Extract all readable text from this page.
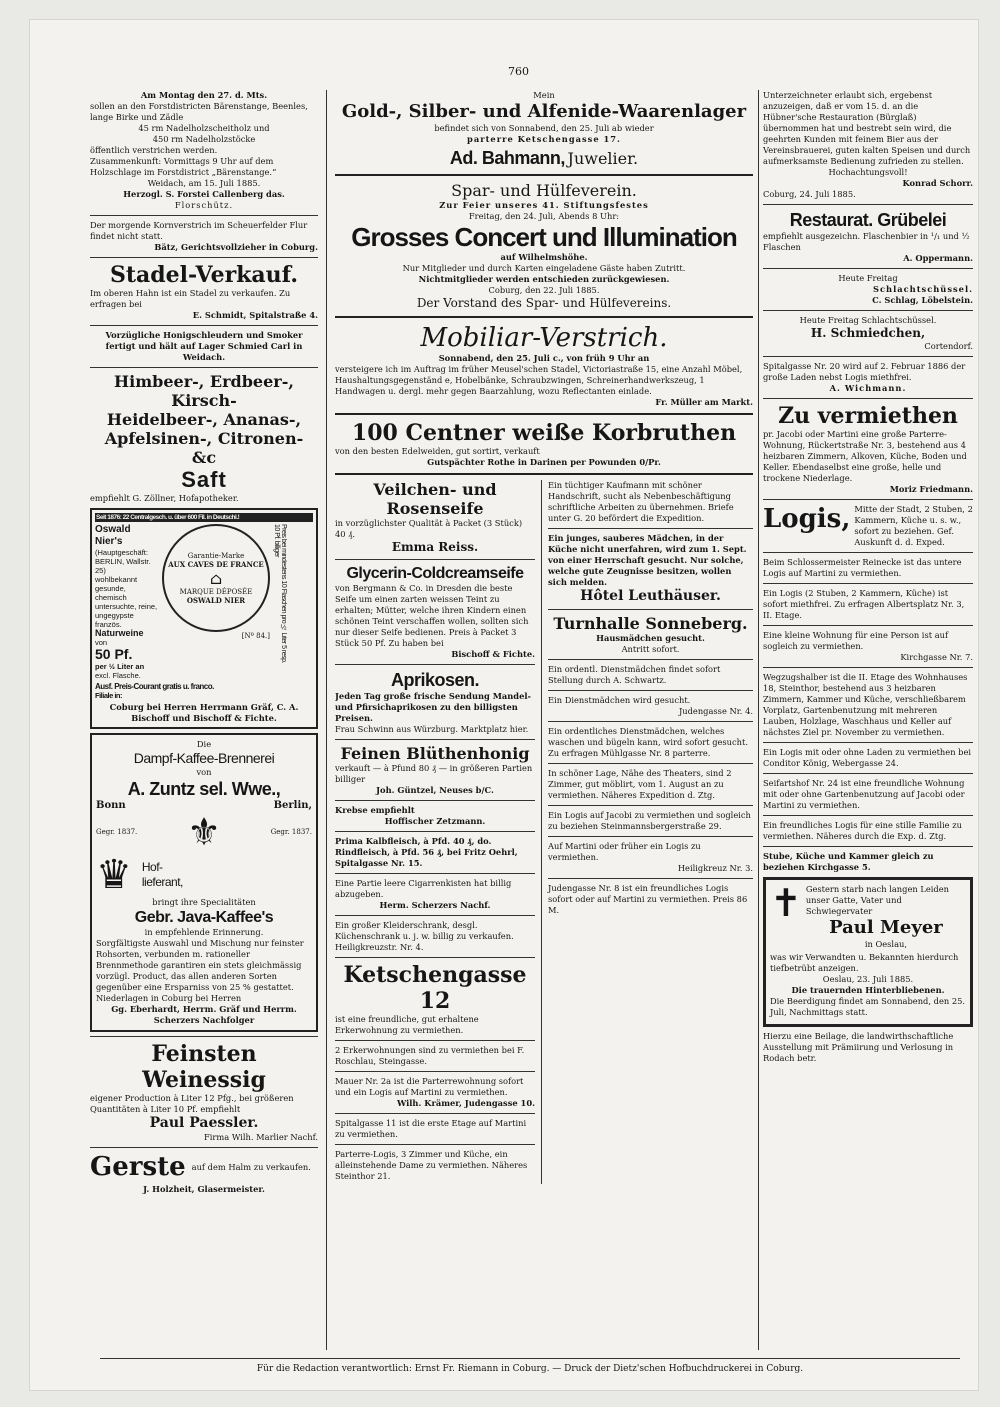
760

Am Montag den 27. d. Mts.

sollen an den Forstdistricten Bärenstange, Beenles, lange Birke und Zädle

45 rm Nadelholzscheitholz und

450 rm Nadelholzstöcke

öffentlich verstrichen werden.

Zusammenkunft: Vormittags 9 Uhr auf dem Holzschlage im Forstdistrict „Bärenstange.“

Weidach, am 15. Juli 1885.

Herzogl. S. Forstei Callenberg das.

Florschütz.

Der morgende Kornverstrich im Scheuerfelder Flur findet nicht statt.

Bätz, Gerichtsvollzieher in Coburg.

Stadel-Verkauf.

Im oberen Hahn ist ein Stadel zu verkaufen. Zu erfragen bei

E. Schmidt, Spitalstraße 4.

Vorzügliche Honigschleudern und Smoker fertigt und hält auf Lager Schmied Carl in Weidach.

Himbeer-, Erdbeer-, Kirsch-

Heidelbeer-, Ananas-,

Apfelsinen-, Citronen- &c

Saft

empfiehlt G. Zöllner, Hofapotheker.

Seit 1876: 22 Centralgesch. u. über 600 Fil. in Deutschl.!

Oswald Nier's
(Hauptgeschäft: BERLIN, Wallstr. 25)
wohlbekannt gesunde, chemisch untersuchte, reine, ungegypste französ.
Naturweine
von
50 Pf.
per ½ Liter an
excl. Flasche.
Garantie-Marke
AUX CAVES DE FRANCE
⌂
MARQUE DÉPOSÉE
OSWALD NIER
[Nº 84.]	Preis bei mindestens 10 Flaschen pro ½ Liter 5 resp. 10 Pf. billiger

Ausf. Preis-Courant gratis u. franco.

Filiale in:

Coburg bei Herren Herrmann Gräf, C. A. Bischoff und Bischoff & Fichte.

Die

Dampf-Kaffee-Brennerei

von

A. Zuntz sel. Wwe.,

Bonn	Berlin,
Gegr. 1837. ⚜	Gegr. 1837.
♛ Hof-
lieferant,

bringt ihre Specialitäten

Gebr. Java-Kaffee's

in empfehlende Erinnerung.

Sorgfältigste Auswahl und Mischung nur feinster Rohsorten, verbunden m. rationeller Brennmethode garantiren ein stets gleichmässig vorzügl. Product, das allen anderen Sorten gegenüber eine Ersparniss von 25 % gestattet. Niederlagen in Coburg bei Herren

Gg. Eberhardt, Herrm. Gräf und Herrm. Scherzers Nachfolger

Feinsten Weinessig

eigener Production à Liter 12 Pfg., bei größeren Quantitäten à Liter 10 Pf. empfiehlt

Paul Paessler.

Firma Wilh. Marlier Nachf.

Gerste auf dem Halm zu verkaufen.

J. Holzheit, Glasermeister.

Mein

Gold-, Silber- und Alfenide-Waarenlager

befindet sich von Sonnabend, den 25. Juli ab wieder

parterre Ketschengasse 17.

Ad. Bahmann, Juwelier.

Spar- und Hülfeverein.

Zur Feier unseres 41. Stiftungsfestes

Freitag, den 24. Juli, Abends 8 Uhr:

Grosses Concert und Illumination

auf Wilhelmshöhe.

Nur Mitglieder und durch Karten eingeladene Gäste haben Zutritt.

Nichtmitglieder werden entschieden zurückgewiesen.

Coburg, den 22. Juli 1885.

Der Vorstand des Spar- und Hülfevereins.

Mobiliar-Verstrich.

Sonnabend, den 25. Juli c., von früh 9 Uhr an

versteigere ich im Auftrag im früher Meusel'schen Stadel, Victoriastraße 15, eine Anzahl Möbel, Haushaltungsgegenständ e, Hobelbänke, Schraubzwingen, Schreinerhandwerkszeug, 1 Handwagen u. dergl. mehr gegen Baarzahlung, wozu Reflectanten einlade.

Fr. Müller am Markt.

100 Centner weiße Korbruthen

von den besten Edelweiden, gut sortirt, verkauft

Gutspächter Rothe in Darinen per Powunden 0/Pr.

Veilchen- und Rosenseife

in vorzüglichster Qualität à Packet (3 Stück) 40 ₰.

Emma Reiss.

Glycerin-Coldcreamseife

von Bergmann & Co. in Dresden die beste Seife um einen zarten weissen Teint zu erhalten; Mütter, welche ihren Kindern einen schönen Teint verschaffen wollen, sollten sich nur dieser Seife bedienen. Preis à Packet 3 Stück 50 Pf. Zu haben bei

Bischoff & Fichte.

Aprikosen.

Jeden Tag große frische Sendung Mandel- und Pfirsichaprikosen zu den billigsten Preisen.

Frau Schwinn aus Würzburg. Marktplatz hier.

Feinen Blüthenhonig

verkauft — à Pfund 80 ₰ — in größeren Partien billiger

Joh. Güntzel, Neuses b/C.

Krebse empfiehlt

Hoffischer Zetzmann.

Prima Kalbfleisch, à Pfd. 40 ₰, do. Rindfleisch, à Pfd. 56 ₰, bei Fritz Oehrl, Spitalgasse Nr. 15.

Eine Partie leere Cigarrenkisten hat billig abzugeben.

Herm. Scherzers Nachf.

Ein großer Kleiderschrank, desgl. Küchenschrank u. j. w. billig zu verkaufen. Heiligkreuzstr. Nr. 4.

Ketschengasse 12

ist eine freundliche, gut erhaltene Erkerwohnung zu vermiethen.

2 Erkerwohnungen sind zu vermiethen bei F. Roschlau, Steingasse.

Mauer Nr. 2a ist die Parterrewohnung sofort und ein Logis auf Martini zu vermiethen.

Wilh. Krämer, Judengasse 10.

Spitalgasse 11 ist die erste Etage auf Martini zu vermiethen.

Parterre-Logis, 3 Zimmer und Küche, ein alleinstehende Dame zu vermiethen. Näheres Steinthor 21.

Ein tüchtiger Kaufmann mit schöner Handschrift, sucht als Nebenbeschäftigung schriftliche Arbeiten zu übernehmen. Briefe unter G. 20 befördert die Expedition.

Ein junges, sauberes Mädchen, in der Küche nicht unerfahren, wird zum 1. Sept. von einer Herrschaft gesucht. Nur solche, welche gute Zeugnisse besitzen, wollen sich melden.

Hôtel Leuthäuser.

Turnhalle Sonneberg.

Hausmädchen gesucht.

Antritt sofort.

Ein ordentl. Dienstmädchen findet sofort Stellung durch A. Schwartz.

Ein Dienstmädchen wird gesucht.

Judengasse Nr. 4.

Ein ordentliches Dienstmädchen, welches waschen und bügeln kann, wird sofort gesucht. Zu erfragen Mühlgasse Nr. 8 parterre.

In schöner Lage, Nähe des Theaters, sind 2 Zimmer, gut möblirt, vom 1. August an zu vermiethen. Näheres Expedition d. Ztg.

Ein Logis auf Jacobi zu vermiethen und sogleich zu beziehen Steinmannsbergerstraße 29.

Auf Martini oder früher ein Logis zu vermiethen.

Heiligkreuz Nr. 3.

Judengasse Nr. 8 ist ein freundliches Logis sofort oder auf Martini zu vermiethen. Preis 86 M.

Unterzeichneter erlaubt sich, ergebenst anzuzeigen, daß er vom 15. d. an die Hübner'sche Restauration (Bürglaß) übernommen hat und bestrebt sein wird, die geehrten Kunden mit feinem Bier aus der Vereinsbrauerei, guten kalten Speisen und durch aufmerksamste Bedienung zufrieden zu stellen.

Hochachtungsvoll!

Konrad Schorr.

Coburg, 24. Juli 1885.

Restaurat. Grübelei

empfiehlt ausgezeichn. Flaschenbier in ¹/₁ und ½ Flaschen

A. Oppermann.

Heute Freitag

Schlachtschüssel.

C. Schlag, Löbelstein.

Heute Freitag Schlachtschüssel.

H. Schmiedchen,

Cortendorf.

Spitalgasse Nr. 20 wird auf 2. Februar 1886 der große Laden nebst Logis miethfrei.

A. Wichmann.

Zu vermiethen

pr. Jacobi oder Martini eine große Parterre-Wohnung, Rückertstraße Nr. 3, bestehend aus 4 heizbaren Zimmern, Alkoven, Küche, Boden und Keller. Ebendaselbst eine große, helle und trockene Niederlage.

Moriz Friedmann.

Logis, Mitte der Stadt, 2 Stuben, 2 Kammern, Küche u. s. w., sofort zu beziehen. Gef. Auskunft d. d. Exped.

Beim Schlossermeister Reinecke ist das untere Logis auf Martini zu vermiethen.

Ein Logis (2 Stuben, 2 Kammern, Küche) ist sofort miethfrei. Zu erfragen Albertsplatz Nr. 3, II. Etage.

Eine kleine Wohnung für eine Person ist auf sogleich zu vermiethen.

Kirchgasse Nr. 7.

Wegzugshalber ist die II. Etage des Wohnhauses 18, Steinthor, bestehend aus 3 heizbaren Zimmern, Kammer und Küche, verschließbarem Vorplatz, Gartenbenutzung mit mehreren Lauben, Holzlage, Waschhaus und Keller auf nächstes Ziel pr. November zu vermiethen.

Ein Logis mit oder ohne Laden zu vermiethen bei Conditor König, Webergasse 24.

Seifartshof Nr. 24 ist eine freundliche Wohnung mit oder ohne Gartenbenutzung auf Jacobi oder Martini zu vermiethen.

Ein freundliches Logis für eine stille Familie zu vermiethen. Näheres durch die Exp. d. Ztg.

Stube, Küche und Kammer gleich zu beziehen Kirchgasse 5.

✝ Gestern starb nach langen Leiden unser Gatte, Vater und Schwiegervater

Paul Meyer

in Oeslau,

was wir Verwandten u. Bekannten hierdurch tiefbetrübt anzeigen.

Oeslau, 23. Juli 1885.

Die trauernden Hinterbliebenen.

Die Beerdigung findet am Sonnabend, den 25. Juli, Nachmittags statt.

Hierzu eine Beilage, die landwirthschaftliche Ausstellung mit Prämiirung und Verlosung in Rodach betr.

Für die Redaction verantwortlich: Ernst Fr. Riemann in Coburg. — Druck der Dietz'schen Hofbuchdruckerei in Coburg.
